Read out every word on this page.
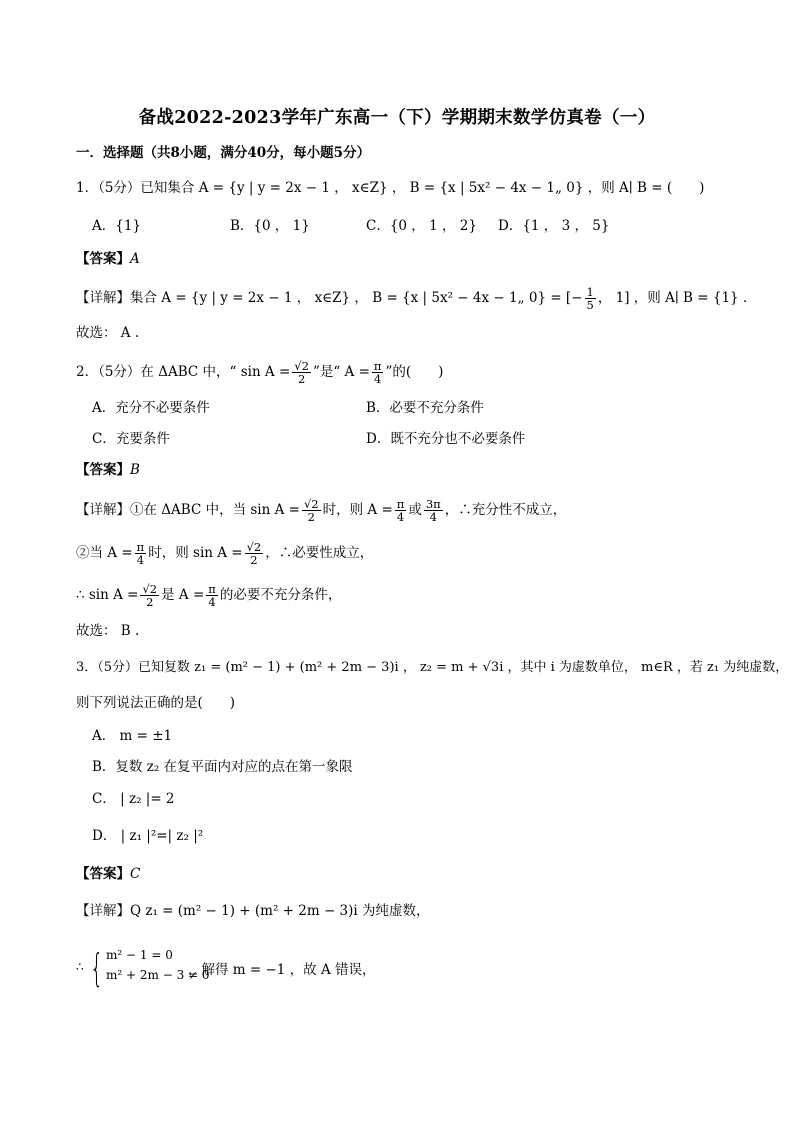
备战2022-2023学年广东高一（下）学期期末数学仿真卷（一）
一．选择题（共8小题，满分40分，每小题5分）
1．（5分）已知集合 A = {y | y = 2x − 1 ， x∈Z} ， B = {x | 5x² − 4x − 1„ 0} ，则 A∣ B = (　　)
A．{1}	B．{0 ， 1}	C．{0 ， 1 ， 2} D．{1 ， 3 ， 5}
【答案】A
【详解】集合 A = {y | y = 2x − 1 ， x∈Z} ， B = {x | 5x² − 4x − 1„ 0} = [− $\frac{1}{5}$ ， 1] ，则 A∣ B = {1} .
故选： A .
2．（5分）在 ΔABC 中，“ $\sin A = \frac{√2}{2}$ ”是“ $A = \frac{\pi}{4}$ ”的(　　)
A．充分不必要条件	B．必要不充分条件
C．充要条件	D．既不充分也不必要条件
【答案】B
【详解】①在 ΔABC 中，当 $\sin A = \frac{√2}{2}$ 时，则 $A = \frac{\pi}{4}$ 或 $\frac{3\pi}{4}$ ，∴充分性不成立，
②当 $A = \frac{\pi}{4}$ 时，则 $\sin A = \frac{√2}{2}$ ，∴必要性成立，
∴ $\sin A = \frac{√2}{2}$ 是 $A = \frac{\pi}{4}$ 的必要不充分条件，
故选： B .
3．（5分）已知复数 z₁ = (m² − 1) + (m² + 2m − 3)i ， z₂ = m + √3i ，其中 i 为虚数单位， m∈R ，若 z₁ 为纯虚数，
则下列说法正确的是(　　)
A． m = ±1
B．复数 z₂ 在复平面内对应的点在第一象限
C． | z₂ |= 2
D． | z₁ |²=| z₂ |²
【答案】C
【详解】Q z₁ = (m² − 1) + (m² + 2m − 3)i 为纯虚数，
∴ { m² − 1 = 0
m² + 2m − 3 ≠ 0
，解得 m = −1 ，故 A 错误，
